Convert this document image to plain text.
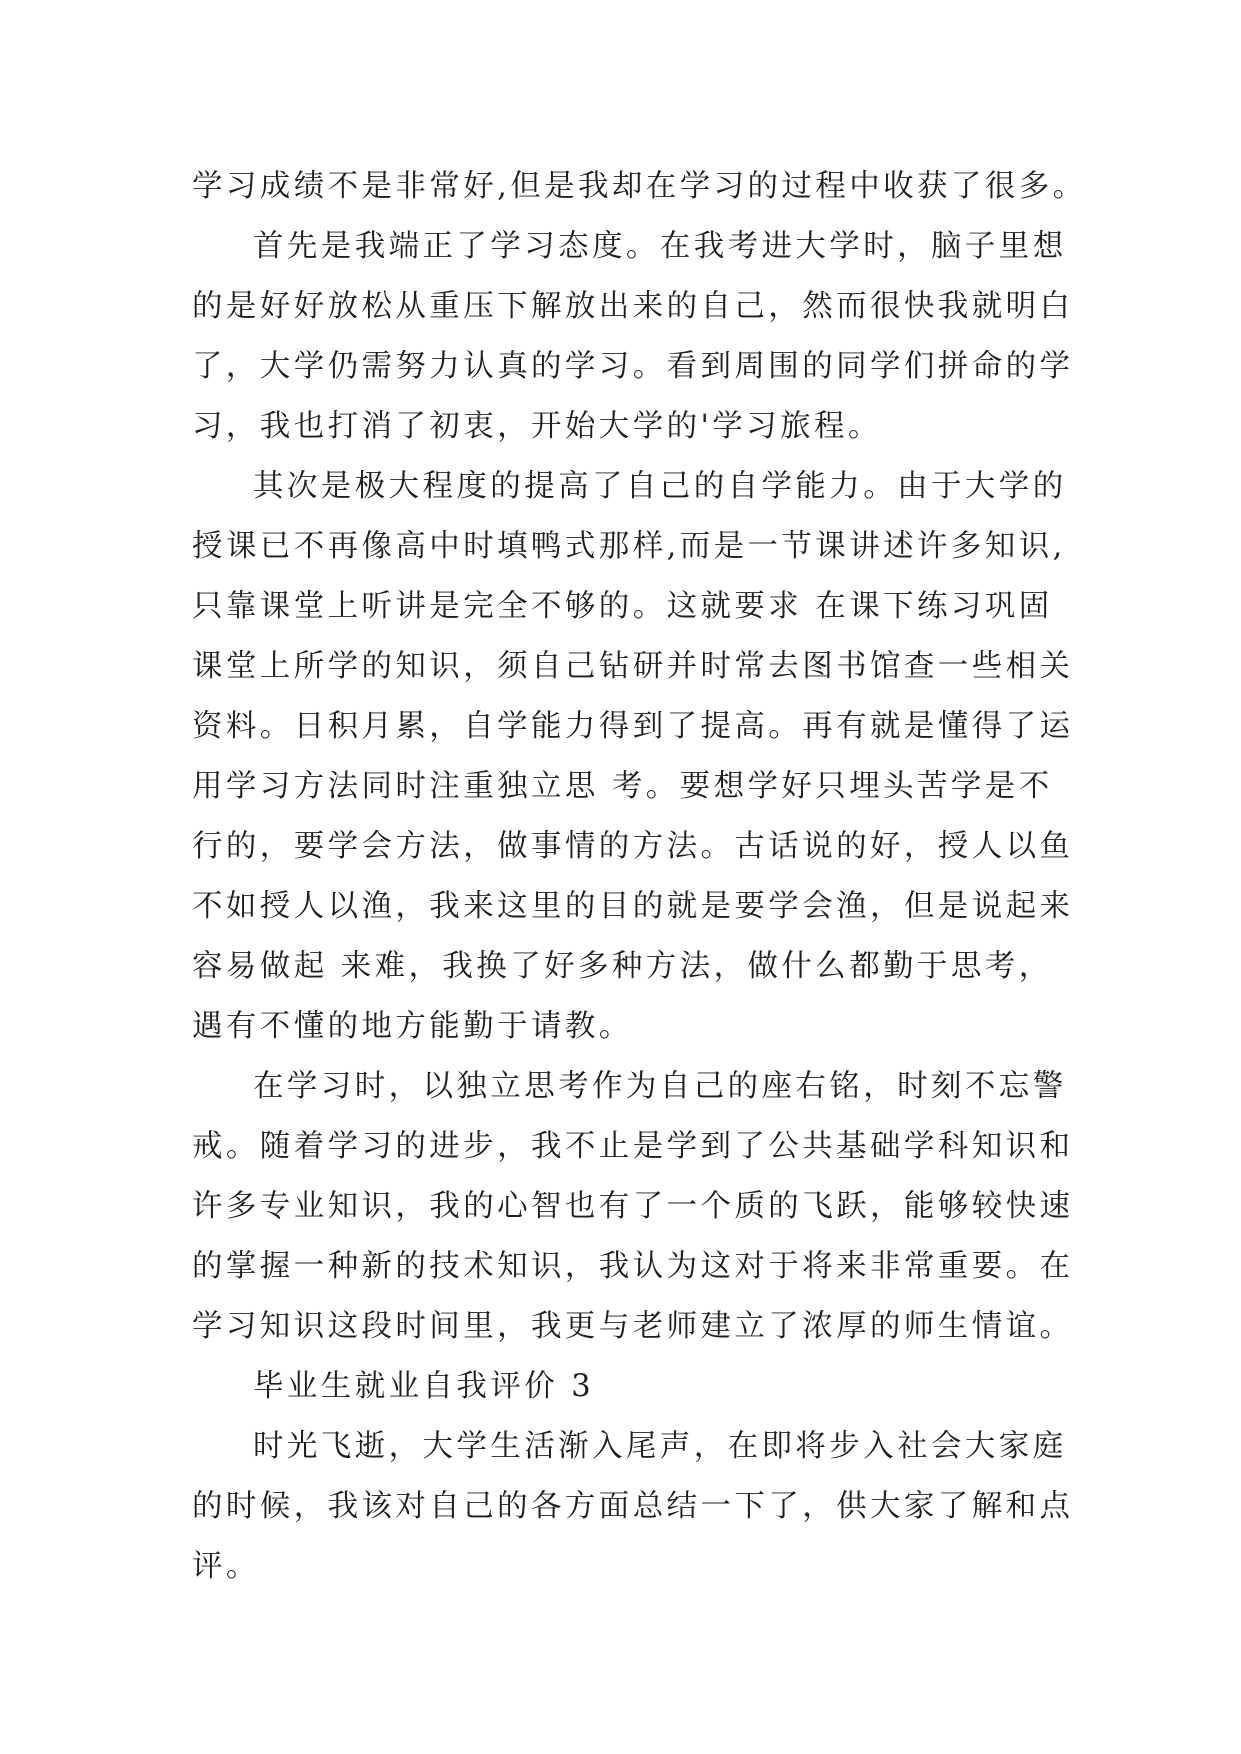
学习成绩不是非常好,但是我却在学习的过程中收获了很多。

首先是我端正了学习态度。在我考进大学时，脑子里想

的是好好放松从重压下解放出来的自己，然而很快我就明白

了，大学仍需努力认真的学习。看到周围的同学们拼命的学

习，我也打消了初衷，开始大学的'学习旅程。

其次是极大程度的提高了自己的自学能力。由于大学的

授课已不再像高中时填鸭式那样,而是一节课讲述许多知识,

只靠课堂上听讲是完全不够的。这就要求 在课下练习巩固

课堂上所学的知识，须自己钻研并时常去图书馆查一些相关

资料。日积月累，自学能力得到了提高。再有就是懂得了运

用学习方法同时注重独立思 考。要想学好只埋头苦学是不

行的，要学会方法，做事情的方法。古话说的好，授人以鱼

不如授人以渔，我来这里的目的就是要学会渔，但是说起来

容易做起 来难，我换了好多种方法，做什么都勤于思考，

遇有不懂的地方能勤于请教。

在学习时，以独立思考作为自己的座右铭，时刻不忘警

戒。随着学习的进步，我不止是学到了公共基础学科知识和

许多专业知识，我的心智也有了一个质的飞跃，能够较快速

的掌握一种新的技术知识，我认为这对于将来非常重要。在

学习知识这段时间里，我更与老师建立了浓厚的师生情谊。

毕业生就业自我评价 3

时光飞逝，大学生活渐入尾声，在即将步入社会大家庭

的时候，我该对自己的各方面总结一下了，供大家了解和点

评。
